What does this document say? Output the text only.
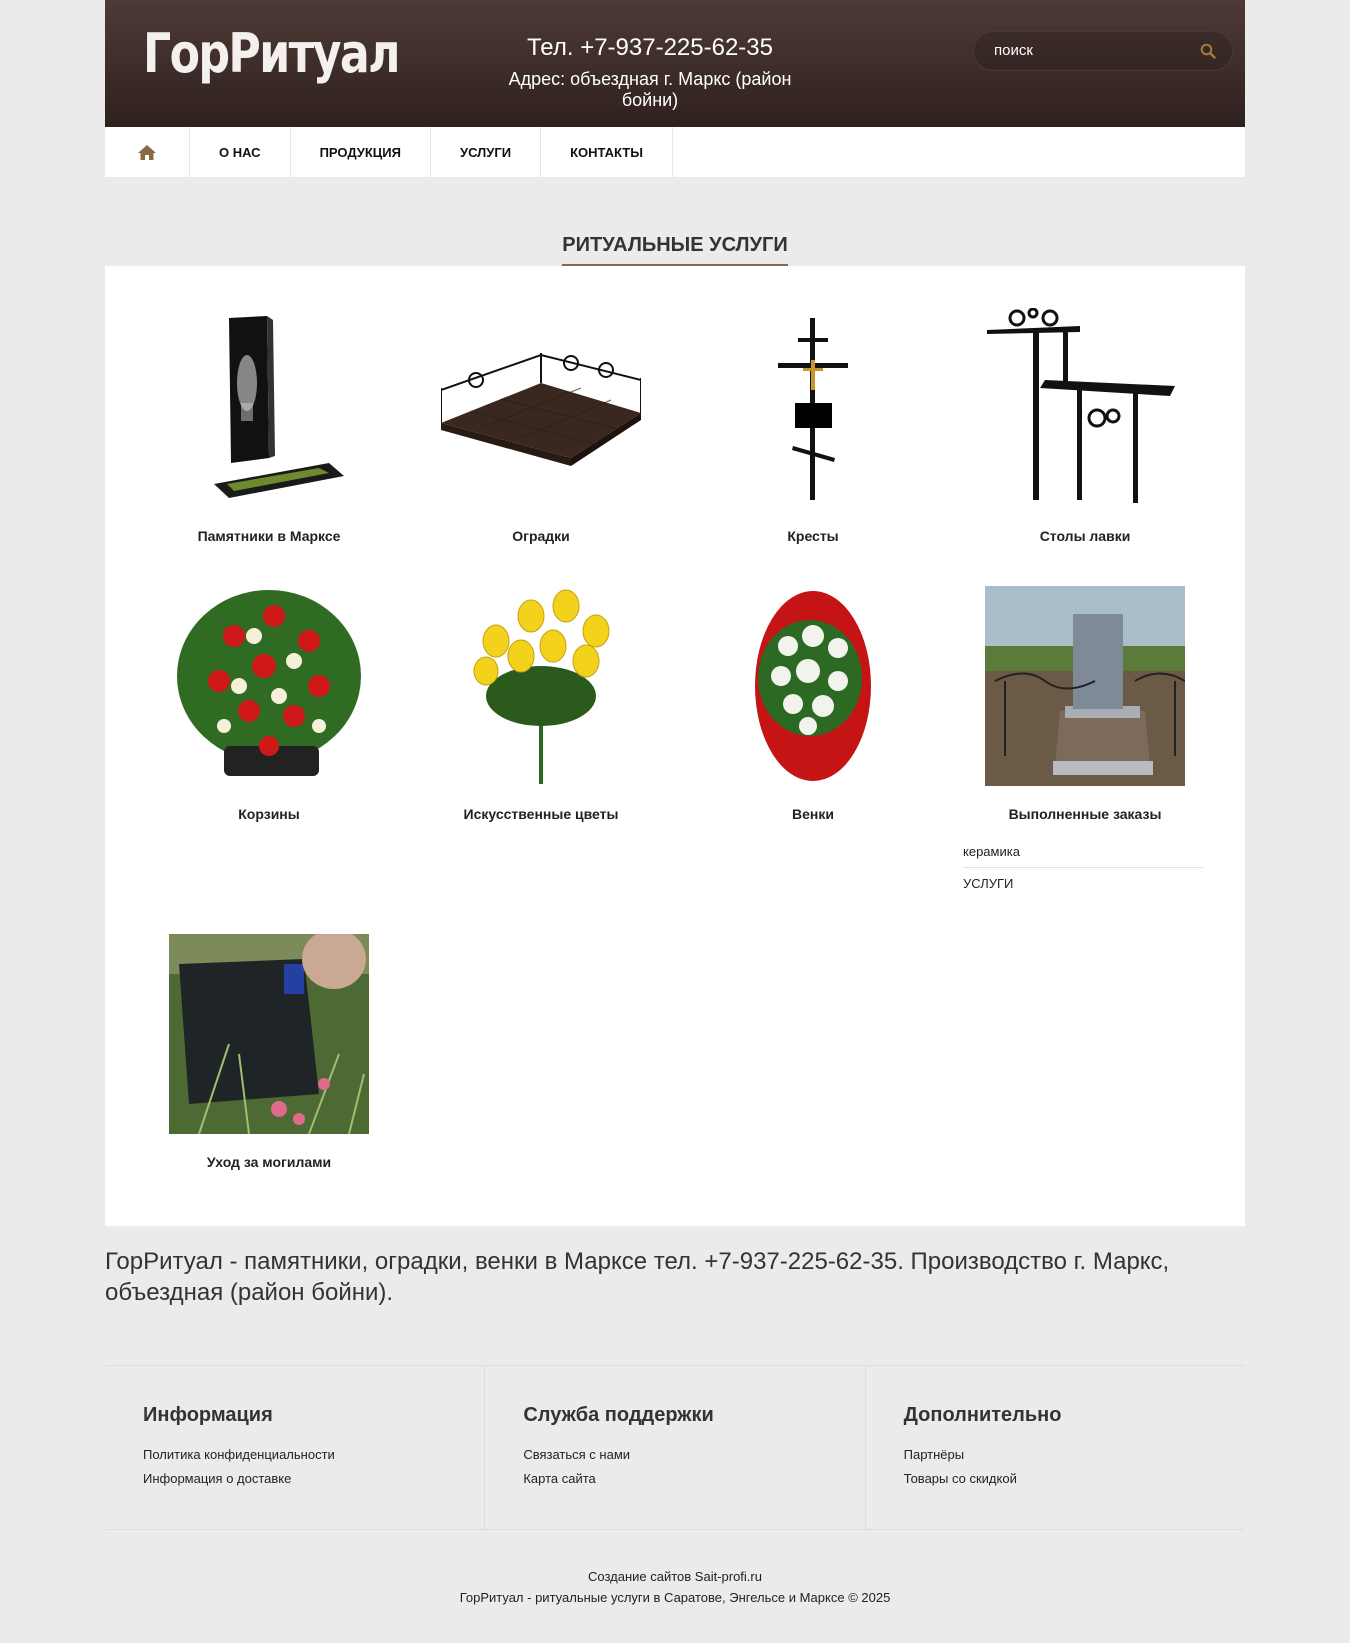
ГорРитуал	Тел. +7-937-225-62-35
Адрес: объездная г. Маркс (район бойни)
поиск
О НАС	ПРОДУКЦИЯ	УСЛУГИ	КОНТАКТЫ
РИТУАЛЬНЫЕ УСЛУГИ
Памятники в Марксе	Оградки	Кресты	Столы лавки
Корзины	Искусственные цветы	Венки	Выполненные заказы
керамика
УСЛУГИ
Уход за могилами
ГорРитуал - памятники, оградки, венки в Марксе тел. +7-937-225-62-35. Производство г. Маркс, объездная (район бойни).
Информация
Политика конфиденциальности
Информация о доставке
Служба поддержки
Связаться с нами
Карта сайта
Дополнительно
Партнёры
Товары со скидкой
Создание сайтов Sait-profi.ru
ГорРитуал - ритуальные услуги в Саратове, Энгельсе и Марксе © 2025
